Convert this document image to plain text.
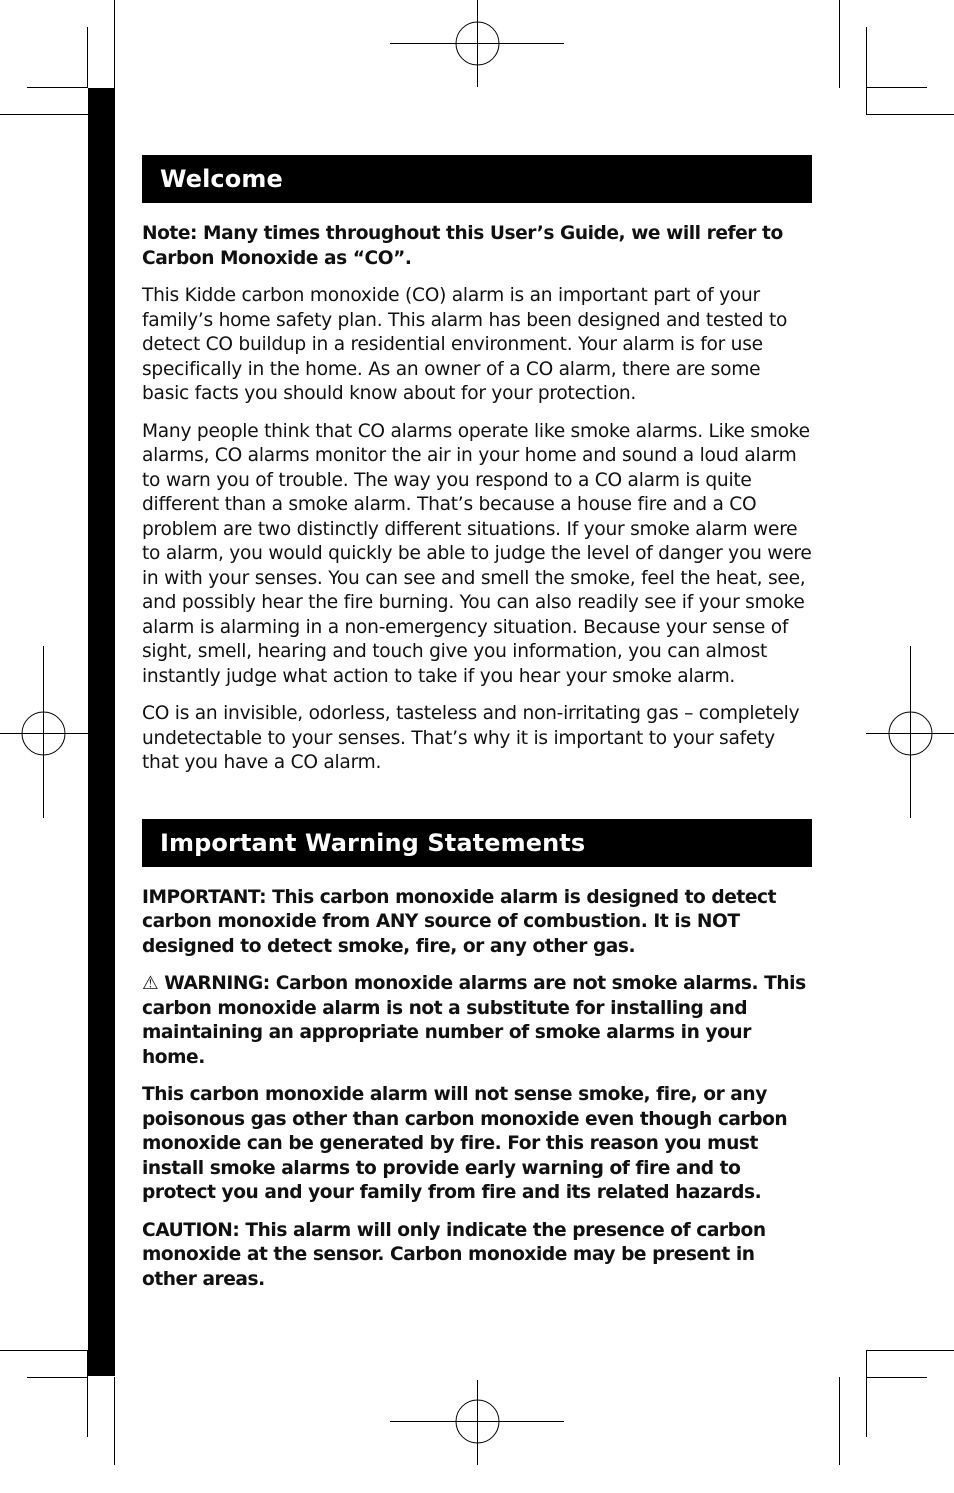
Welcome

Note: Many times throughout this User’s Guide, we will refer to Carbon Monoxide as “CO”.

This Kidde carbon monoxide (CO) alarm is an important part of your family’s home safety plan. This alarm has been designed and tested to detect CO buildup in a residential environment. Your alarm is for use specifically in the home. As an owner of a CO alarm, there are some basic facts you should know about for your protection.

Many people think that CO alarms operate like smoke alarms. Like smoke alarms, CO alarms monitor the air in your home and sound a loud alarm to warn you of trouble. The way you respond to a CO alarm is quite different than a smoke alarm. That’s because a house fire and a CO problem are two distinctly different situations. If your smoke alarm were to alarm, you would quickly be able to judge the level of danger you were in with your senses. You can see and smell the smoke, feel the heat, see, and possibly hear the fire burning. You can also readily see if your smoke alarm is alarming in a non-emergency situation. Because your sense of sight, smell, hearing and touch give you information, you can almost instantly judge what action to take if you hear your smoke alarm.

CO is an invisible, odorless, tasteless and non-irritating gas – completely undetectable to your senses. That’s why it is important to your safety that you have a CO alarm.

Important Warning Statements

IMPORTANT: This carbon monoxide alarm is designed to detect carbon monoxide from ANY source of combustion. It is NOT designed to detect smoke, fire, or any other gas.

⚠ WARNING: Carbon monoxide alarms are not smoke alarms. This carbon monoxide alarm is not a substitute for installing and maintaining an appropriate number of smoke alarms in your home.

This carbon monoxide alarm will not sense smoke, fire, or any poisonous gas other than carbon monoxide even though carbon monoxide can be generated by fire. For this reason you must install smoke alarms to provide early warning of fire and to protect you and your family from fire and its related hazards.

CAUTION: This alarm will only indicate the presence of carbon monoxide at the sensor. Carbon monoxide may be present in other areas.
